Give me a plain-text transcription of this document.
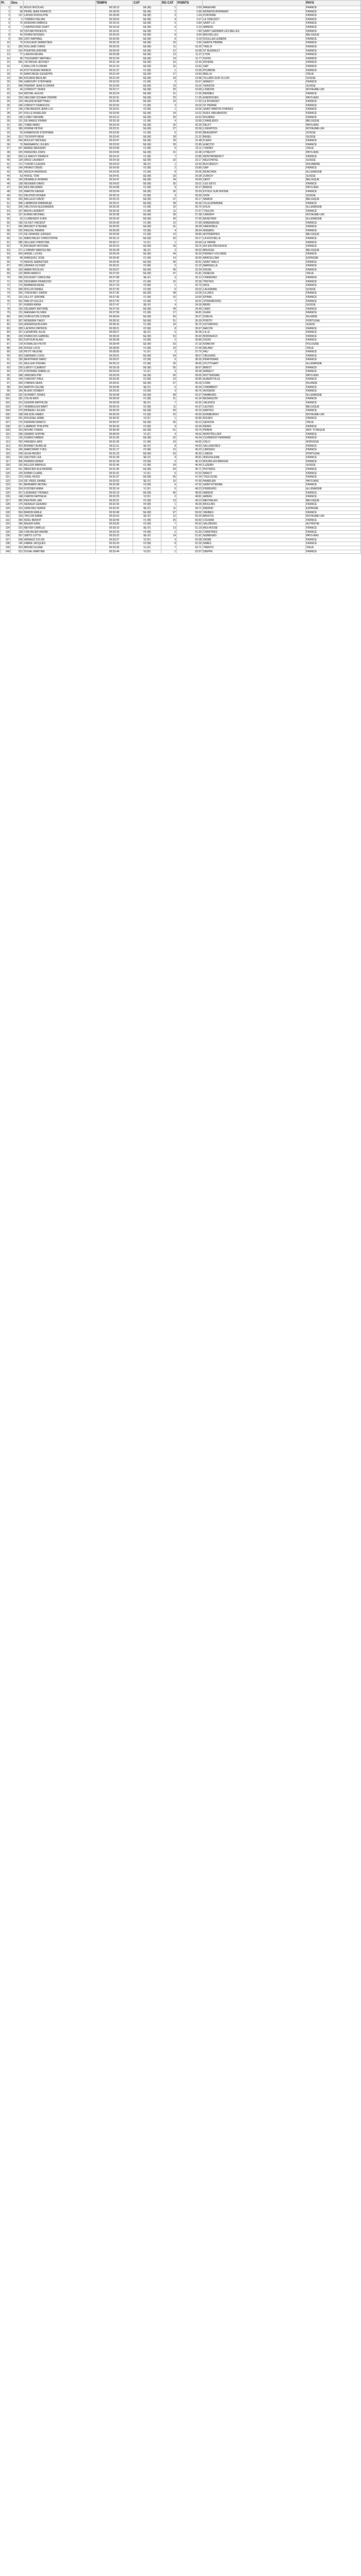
Pl.	Dos.		TEMPS	CAT	RG CAT	POINTS		PAYS
1	92	ROUX NICOLAS	00:18:13	SE (M)	1	0.00	MAGEVAD	FRANCE
2	98	PERIE JEAN FRANCIS	00:18:29	SE (M)	2	0.96	MONDON BORNAND	FRANCE
3	137	LEHUR RODOLPHE	00:18:49	SE (M)	3	1.64	FONTAINE	FRANCE
4	5	TORRES HELIAN	00:18:53	SE (M)	4	3.37	LE CREUSOT	FRANCE
5	75	MORDAN FABRICE	00:19:15	SE (M)	5	5.84	SAINT LO	FRANCE
6	7	CARPENTIER OSWY	00:19:19	SE (M)	6	6.10	AMIENS	FRANCE
7	18	OSTIAN PROESTE	00:19:41	SE (M)	7	7.80	SAINT GERMAIN LES BELLES	FRANCE
8	44	DIVANI ROSSEN	00:20:03	SE (M)	8	8.94	BRUXELLES	BELGIQUE
9	345	ZINT RAPHAEL	00:20:06	SE (M)	9	9.18	DOULLEA LEMERA	FRANCE
10	70	FOUCAUD SEBASTIEN	00:20:15	SE (M)	10	9.93	SAINTE PIERRE	FRANCE
11	265	HOLLAND CHRIS	00:20:29	SE (M)	11	10.20	TRELIX	FRANCE
12	216	PIGAYRA JEROME	00:20:42	SE (M)	12	10.98	ST BLERAULT	FRANCE
13	77	LANVIN REVAN	00:20:58	SE (M)	13	11.37	LYON	FRANCE
14	98	TOUSSAINT MATHIEU	00:21:04	SE (M)	14	11.77	DIJON	FRANCE
15	565	TEYMOUR JEFFREY	00:21:18	SE (M)	15	12.43	RIVIERE	FRANCE
16	4	RAILLON FLORIAN	00:21:23	SE (M)	16	13.62	GAP	FRANCE
17	44	POTTEVEAN FRANCK	00:21:37	V1 (M)	1	13.99	PICARDIE	FRANCE
18	42	MARCHESE GIUSEPPE	00:21:44	SE (M)	17	14.50	BIELLA	ITALIE
19	184	KOUANS BEOLAN	00:21:54	SE (M)	18	14.98	VILLARS SUR OLLON	SUISSE
20	246	GABOURY STEPHANE	00:22:03	V1 (M)	2	15.67	ANNECY	FRANCE
21	548	PIERRAT JEAN FLORIAN	00:22:09	SE (M)	19	16.02	VERSOIX	SUISSE
22	44	CORNUTT DENIS	00:22:17	SE (M)	20	16.58	LONDON	ROYAUME-UNI
23	234	MICHEL ALEXIS	00:22:24	SE (M)	21	17.00	RENNES	FRANCE
24	229	VAN DER SCHAAF PIERRE	00:22:31	SE (M)	22	17.35	EINDHOVEN	PAYS-BAS
25	120	VALENCIA MATTHIEU	00:22:40	SE (M)	23	17.92	LE BOURGET	FRANCE
26	240	CHRISTY FRANCOIS	00:22:52	V1 (M)	3	18.34	ST PIERRE	FRANCE
27	146	CHEVASSON JEAN LUC	00:23:01	V2 (M)	1	19.06	SAINT MARTIN D'HERES	FRANCE
28	247	DOLLE AURÉLIEN	00:23:06	SE (M)	24	19.31	RUEIL MALMAISON	FRANCE
29	149	LORET MAXIME	00:23:12	SE (M)	25	19.62	ROUBAIX	FRANCE
30	131	DE MARLE FRANK	00:23:18	V1 (M)	4	19.96	CHARLEROI	BELGIQUE
31	361	TOBIE MARC	00:23:24	SE (M)	26	20.25	DELFT	PAYS-BAS
32	180	HORNE PETER	00:23:31	SE (M)	27	20.58	LIVERPOOL	ROYAUME-UNI
33	59	KAMERSON STEPHANE	00:23:36	V1 (M)	5	20.90	BEAUMONT	SUISSE
34	312	TSCHOPP RÉMI	00:23:42	SE (M)	28	21.22	BASEL	SUISSE
35	244	BOULEY MICKAEL	00:23:47	SE (M)	29	21.48	FLERS	FRANCE
36	76	BAGNAROLI JULIEN	00:23:53	SE (M)	30	21.85	AJACCIO	FRANCE
37	257	BAREE MASSIMO	00:23:58	V1 (M)	6	22.11	TORINO	ITALIE
38	225	HANSONS JORIS	00:24:05	SE (M)	31	22.48	UTRECHT	PAYS-BAS
39	250	LE MAUVY FRANCK	00:24:12	V1 (M)	7	22.85	MONTMORENCY	FRANCE
40	134	DROZ LAURENT	00:24:18	SE (M)	32	23.17	NEUCHATEL	SUISSE
41	172	TUDOR CLAUDIA	00:24:23	SE (F)	1	23.43	BUCURESTI	ROUMANIE
42	140	PAYANT DENIS	00:24:30	V2 (M)	2	23.80	GAP	FRANCE
43	356	WESCH ANDREAS	00:24:35	V1 (M)	8	24.06	MÜNCHEN	ALLEMAGNE
44	53	HOFEL TOM	00:24:41	SE (M)	33	24.38	ZÜRICH	SUISSE
45	143	DEWAELE ROMAIN	00:24:47	SE (M)	34	24.69	GENT	BELGIQUE
46	138	REGNIER DAVID	00:24:53	SE (M)	35	25.01	LES GETS	FRANCE
47	335	MOLTAN MARK	00:24:58	V1 (M)	9	25.27	BREDA	PAYS-BAS
48	115	MARTIN XAVIER	00:25:04	SE (M)	36	25.59	ETOILE SUR RHONE	FRANCE
49	213	DELPHIO ROGER	00:25:10	V2 (M)	3	25.90	SION	SUISSE
50	242	BALLEUX DAVID	00:25:15	SE (M)	37	26.17	NAMUR	BELGIQUE
51	308	LARBROW EMMANUEL	00:25:21	SE (M)	38	26.49	VILLEURBANNE	FRANCE
52	206	ORLOVIUS ALEXANDER	00:25:26	V1 (M)	10	26.75	KÖLN	ALLEMAGNE
53	107	BRUN LAURENT	00:25:32	V1 (M)	11	27.07	TOULON	FRANCE
54	137	EVANS MICHAEL	00:25:38	SE (M)	39	27.38	CARDIFF	ROYAUME-UNI
55	93	CLARENZIO SVEN	00:25:43	SE (M)	40	27.65	MÜNCHEN	ALLEMAGNE
56	196	OLIVET VINCENT	00:25:49	V1 (M)	12	27.96	ANNEMASSE	FRANCE
57	265	BRUNOT ETIENNE	00:25:55	SE (M)	41	28.28	GRENOBLE	FRANCE
58	222	PASCAL PIERRE	00:26:00	V2 (M)	4	28.54	ANGERS	FRANCE
59	174	DE GRANDE JURGEN	00:26:06	V1 (M)	13	28.86	ANTWERPEN	BELGIQUE
60	131	MARCHALEF CHRISTOPHE	00:26:12	SE (M)	42	29.17	LA ROCHELLE	FRANCE
61	285	SELLIER CHRISTINE	00:26:17	V1 (F)	1	29.44	LE HAVRE	FRANCE
62	76	BOUKEAY ANTOINE	00:26:23	SE (M)	43	29.75	AIX-EN-PROVENCE	FRANCE
63	271	LOWNAY MARCELINE	00:26:28	SE (F)	2	30.02	BRUGGE	BELGIQUE
64	264	ANGEL LUCAS	00:26:34	SE (M)	44	30.33	FERNEY-VOLTAIRE	FRANCE
65	98	MARQUEZ JOSÉ	00:26:40	V1 (M)	14	30.65	BARCELONA	ESPAGNE
66	73	HERVE SEBASTIEN	00:26:45	SE (M)	45	30.91	SAINT MALO	FRANCE
67	260	ZAVRAS OLIVIER	00:26:51	V2 (M)	5	31.23	MARSEILLE	FRANCE
68	163	AMAR NICOLAS	00:26:57	SE (M)	46	31.54	DOUAI	FRANCE
69	122	BRIN MARCO	00:27:02	SE (M)	47	31.81	VENEZIA	ITALIE
70	290	DOUSSET CAROLINE	00:27:08	SE (F)	3	32.12	CHAMONIX	FRANCE
71	160	DESHAIRS FRANÇOIS	00:27:13	V1 (M)	15	32.39	TROYES	FRANCE
72	176	BARBERA RENÉ	00:27:19	V3 (M)	1	32.70	NICE	FRANCE
73	268	ROLLIN DANIEL	00:27:25	V2 (M)	6	33.02	LAUSANNE	SUISSE
74	255	THEVENET SIMON	00:27:30	SE (M)	48	33.28	CLUSES	FRANCE
75	102	GILLOT JÉRÔME	00:27:36	V1 (M)	16	33.60	ÉPINAL	FRANCE
76	331	WALCH GILLES	00:27:42	V2 (M)	7	33.91	STRASBOURG	FRANCE
77	197	HUBER ANNA	00:27:47	SE (F)	4	34.18	BERN	SUISSE
78	150	DELBARY ANTOINE	00:27:53	SE (M)	49	34.49	CAEN	FRANCE
79	211	MAGNAN OLIVIER	00:27:59	V1 (M)	17	34.81	GUAN	FRANCE
80	209	STAPLETON CONOR	00:28:04	SE (M)	50	35.07	DUBLIN	IRLANDE
81	287	MOREIRA TIAGO	00:28:10	SE (M)	51	35.39	PORTO	PORTUGAL
82	109	ANDERSSON ERIK	00:28:16	V1 (M)	18	35.70	GÖTEBORG	SUÈDE
83	328	LACROIX PATRICE	00:28:21	V2 (M)	8	35.97	MÂCON	FRANCE
84	167	LEFEBVRE JULIE	00:28:27	SE (F)	5	36.28	LILLE	FRANCE
85	159	FRANCOIS GABRIEL	00:28:33	SE (M)	52	36.60	BORDEAUX	FRANCE
86	263	DUFOUR ALAIN	00:28:38	V3 (M)	2	36.86	DIJON	FRANCE
87	178	KOWALSKI PIOTR	00:28:44	SE (M)	53	37.18	KRAKÓW	POLOGNE
88	245	ROSSI LUCA	00:28:50	V1 (M)	19	37.49	MILANO	ITALIE
89	118	PETIT HÉLÈNE	00:28:55	V1 (F)	2	37.76	PAU	FRANCE
90	303	GARNIER LOUIS	00:29:01	SE (M)	54	38.07	ORLÉANS	FRANCE
91	195	BERTRAND MARC	00:29:07	V2 (M)	9	38.39	PERPIGNAN	FRANCE
92	121	MÜLLER STEFAN	00:29:12	V1 (M)	20	38.65	STUTTGART	ALLEMAGNE
93	230	LEROY CLÉMENT	00:29:18	SE (M)	55	38.97	BREST	FRANCE
94	275	FONTAINE ISABELLE	00:29:24	V1 (F)	3	39.28	ANNECY	FRANCE
95	188	JANSSEN PIM	00:29:29	SE (M)	56	39.55	ROTTERDAM	PAYS-BAS
96	144	CHAUVET PAUL	00:29:35	V2 (M)	10	39.86	ALBERTVILLE	FRANCE
97	299	O'BRIEN SEAN	00:29:41	SE (M)	57	40.18	CORK	IRLANDE
98	204	MARTIN CÉLINE	00:29:46	SE (F)	6	40.44	CHAMBÉRY	FRANCE
99	156	BLANC ROBERT	00:29:52	V3 (M)	3	40.76	AVIGNON	FRANCE
100	232	SCHMIDT JONAS	00:29:58	SE (M)	58	41.07	HAMBURG	ALLEMAGNE
101	181	COLIN ERIC	00:30:03	V1 (M)	21	41.34	BESANÇON	FRANCE
102	313	GUERIN MATHILDE	00:30:09	SE (F)	7	41.65	VALENCE	FRANCE
103	127	VERMEULEN BART	00:30:15	V2 (M)	11	41.97	LEUVEN	BELGIQUE
104	270	MOREAU JULIEN	00:30:20	SE (M)	59	42.23	NANTES	FRANCE
105	198	WILSON JAMES	00:30:26	V1 (M)	22	42.55	EDINBURGH	ROYAUME-UNI
106	241	ROUSSEL ANNE	00:30:32	V2 (F)	1	42.86	ROUEN	FRANCE
107	170	FERRARI MARCO	00:30:37	SE (M)	60	43.13	GENOVA	ITALIE
108	317	LAMBERT PHILIPPE	00:30:43	V3 (M)	4	43.44	REIMS	FRANCE
109	153	NOVAK TOMAS	00:30:49	SE (M)	61	43.76	PRAHA	RÉP. TCHÈQUE
110	258	GIRARD SOPHIE	00:30:54	V1 (F)	4	44.02	MONTPELLIER	FRANCE
111	135	DUMAS FABIEN	00:31:00	SE (M)	62	44.34	CLERMONT-FERRAND	FRANCE
112	292	HANSEN LARS	00:31:06	V1 (M)	23	44.65	OSLO	NORVÈGE
113	203	BONNET AURÉLIE	00:31:11	SE (F)	8	44.92	SALLANCHES	FRANCE
114	166	MARCHAND YVES	00:31:17	V2 (M)	12	45.23	LIMOGES	FRANCE
115	228	SILVA PEDRO	00:31:23	SE (M)	63	45.55	LISBOA	PORTUGAL
116	142	GAUTIER LÉA	00:31:28	SE (F)	9	45.81	ANGOULÊME	FRANCE
117	306	PERRIN DIDIER	00:31:34	V3 (M)	5	46.13	BOURG-EN-BRESSE	FRANCE
118	192	KELLER MARKUS	00:31:40	V1 (M)	24	46.44	LUZERN	SUISSE
119	251	MERCIER ALEXANDRE	00:31:45	SE (M)	64	46.71	POITIERS	FRANCE
120	130	ROBIN CLAIRE	00:31:51	V1 (F)	5	47.02	NANCY	FRANCE
121	279	VIDAL HUGO	00:31:57	SE (M)	65	47.34	TOULOUSE	FRANCE
122	214	DE VRIES SANNE	00:32:02	SE (F)	10	47.60	HAARLEM	PAYS-BAS
123	161	BERNARD MICHEL	00:32:08	V3 (M)	6	47.92	SAINT-ÉTIENNE	FRANCE
124	324	FISCHER ANNA	00:32:14	V1 (F)	6	48.23	FREIBURG	ALLEMAGNE
125	237	LEGRAND THOMAS	00:32:19	SE (M)	66	48.50	AMIENS	FRANCE
126	148	CARON NATHALIE	00:32:25	V2 (F)	2	48.81	ARRAS	FRANCE
127	283	PEETERS JAN	00:32:31	V2 (M)	13	49.13	MECHELEN	BELGIQUE
128	175	RENAUD GÉRARD	00:32:36	V4 (M)	1	49.39	MOULINS	FRANCE
129	219	SANCHEZ MARIA	00:32:42	SE (F)	11	49.71	MADRID	ESPAGNE
130	304	BARON ÉMILE	00:32:48	SE (M)	67	50.02	VANNES	FRANCE
131	139	TAYLOR EMMA	00:32:53	SE (F)	12	50.29	BRISTOL	ROYAUME-UNI
132	266	NOËL BENOÎT	00:32:59	V1 (M)	25	50.60	COLMAR	FRANCE
133	186	BAUER KARL	00:33:05	V3 (M)	7	50.92	SALZBURG	AUTRICHE
134	223	MEYER CAMILLE	00:33:10	SE (F)	13	51.18	MULHOUSE	FRANCE
135	158	CHEVALIER ANDRÉ	00:33:16	V4 (M)	2	51.50	CHARTRES	FRANCE
136	297	SMITS LOTTE	00:33:22	SE (F)	14	51.81	NIJMEGEN	PAYS-BAS
137	208	ARNAUD SYLVIE	00:33:27	V2 (F)	3	52.08	DIGNE	FRANCE
138	145	FABRE JACQUES	00:33:33	V3 (M)	8	52.39	NÎMES	FRANCE
139	253	BRUNO ELENA	00:33:39	V1 (F)	7	52.71	TRENTO	ITALIE
140	312	DUVAL MARTINE	00:33:44	V3 (F)	1	52.97	DIEPPE	FRANCE
